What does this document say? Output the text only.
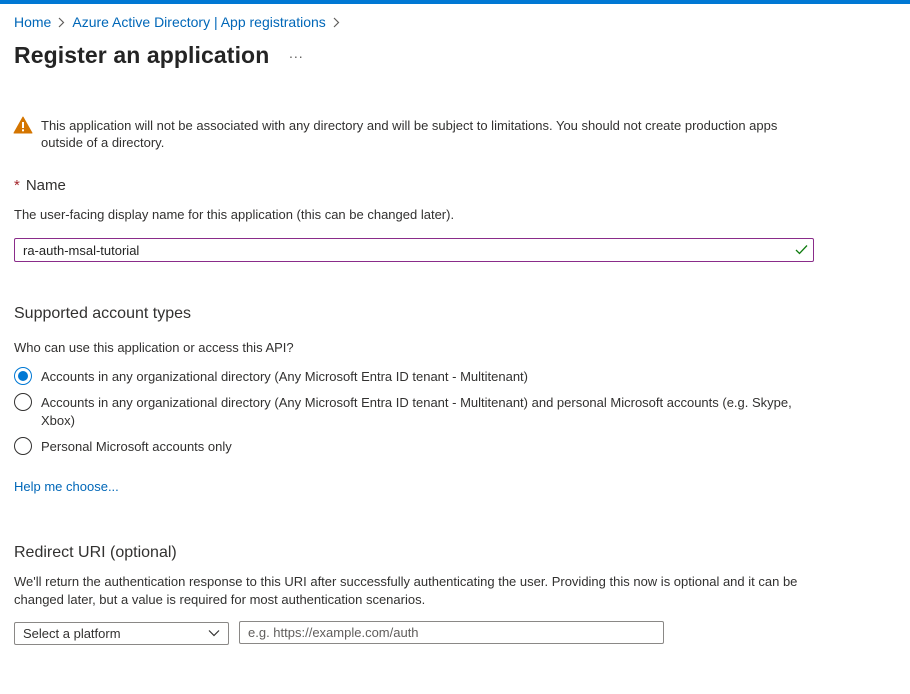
Home Azure Active Directory | App registrations
Register an application ...
This application will not be associated with any directory and will be subject to limitations. You should not create production apps outside of a directory.
* Name
The user-facing display name for this application (this can be changed later).
ra-auth-msal-tutorial
Supported account types
Who can use this application or access this API?
Accounts in any organizational directory (Any Microsoft Entra ID tenant - Multitenant)
Accounts in any organizational directory (Any Microsoft Entra ID tenant - Multitenant) and personal Microsoft accounts (e.g. Skype, Xbox)
Personal Microsoft accounts only
Help me choose...
Redirect URI (optional)
We'll return the authentication response to this URI after successfully authenticating the user. Providing this now is optional and it can be changed later, but a value is required for most authentication scenarios.
Select a platform
e.g. https://example.com/auth
